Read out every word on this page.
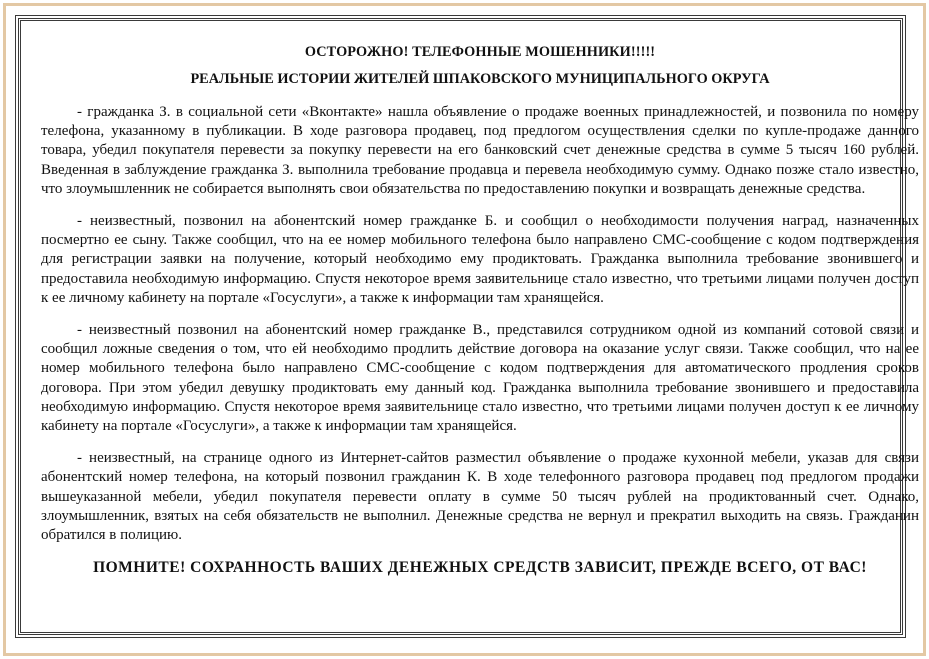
ОСТОРОЖНО! ТЕЛЕФОННЫЕ МОШЕННИКИ!!!!!

РЕАЛЬНЫЕ ИСТОРИИ ЖИТЕЛЕЙ ШПАКОВСКОГО МУНИЦИПАЛЬНОГО ОКРУГА

- гражданка З. в социальной сети «Вконтакте» нашла объявление о продаже военных принадлежностей, и позвонила по номеру телефона, указанному в публикации. В ходе разговора продавец, под предлогом осуществления сделки по купле-продаже данного товара, убедил покупателя перевести за покупку перевести на его банковский счет денежные средства в сумме 5 тысяч 160 рублей. Введенная в заблуждение гражданка З. выполнила требование продавца и перевела необходимую сумму. Однако позже стало известно, что злоумышленник не собирается выполнять свои обязательства по предоставлению покупки и возвращать денежные средства.

- неизвестный, позвонил на абонентский номер гражданке Б. и сообщил о необходимости получения наград, назначенных посмертно ее сыну. Также сообщил, что на ее номер мобильного телефона было направлено СМС-сообщение с кодом подтверждения для регистрации заявки на получение, который необходимо ему продиктовать. Гражданка выполнила требование звонившего и предоставила необходимую информацию. Спустя некоторое время заявительнице стало известно, что третьими лицами получен доступ к ее личному кабинету на портале «Госуслуги», а также к информации там хранящейся.

- неизвестный позвонил на абонентский номер гражданке В., представился сотрудником одной из компаний сотовой связи и сообщил ложные сведения о том, что ей необходимо продлить действие договора на оказание услуг связи. Также сообщил, что на ее номер мобильного телефона было направлено СМС-сообщение с кодом подтверждения для автоматического продления сроков договора. При этом убедил девушку продиктовать ему данный код. Гражданка выполнила требование звонившего и предоставила необходимую информацию. Спустя некоторое время заявительнице стало известно, что третьими лицами получен доступ к ее личному кабинету на портале «Госуслуги», а также к информации там хранящейся.

- неизвестный, на странице одного из Интернет-сайтов разместил объявление о продаже кухонной мебели, указав для связи абонентский номер телефона, на который позвонил гражданин К. В ходе телефонного разговора продавец под предлогом продажи вышеуказанной мебели, убедил покупателя перевести оплату в сумме 50 тысяч рублей на продиктованный счет. Однако, злоумышленник, взятых на себя обязательств не выполнил. Денежные средства не вернул и прекратил выходить на связь. Гражданин обратился в полицию.

ПОМНИТЕ! СОХРАННОСТЬ ВАШИХ ДЕНЕЖНЫХ СРЕДСТВ ЗАВИСИТ, ПРЕЖДЕ ВСЕГО, ОТ ВАС!
